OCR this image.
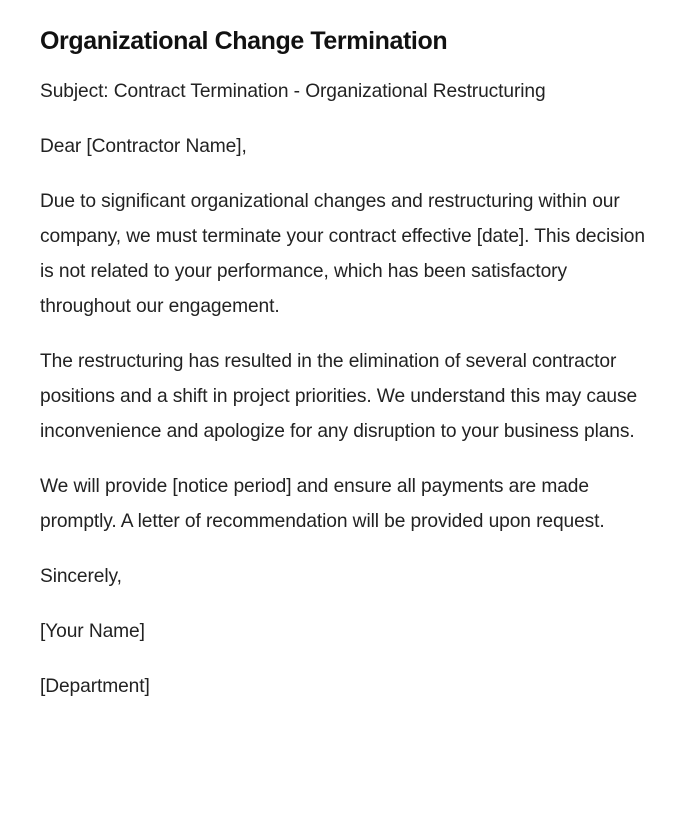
Organizational Change Termination

Subject: Contract Termination - Organizational Restructuring

Dear [Contractor Name],

Due to significant organizational changes and restructuring within our company, we must terminate your contract effective [date]. This decision is not related to your performance, which has been satisfactory throughout our engagement.

The restructuring has resulted in the elimination of several contractor positions and a shift in project priorities. We understand this may cause inconvenience and apologize for any disruption to your business plans.

We will provide [notice period] and ensure all payments are made promptly. A letter of recommendation will be provided upon request.

Sincerely,

[Your Name]

[Department]
